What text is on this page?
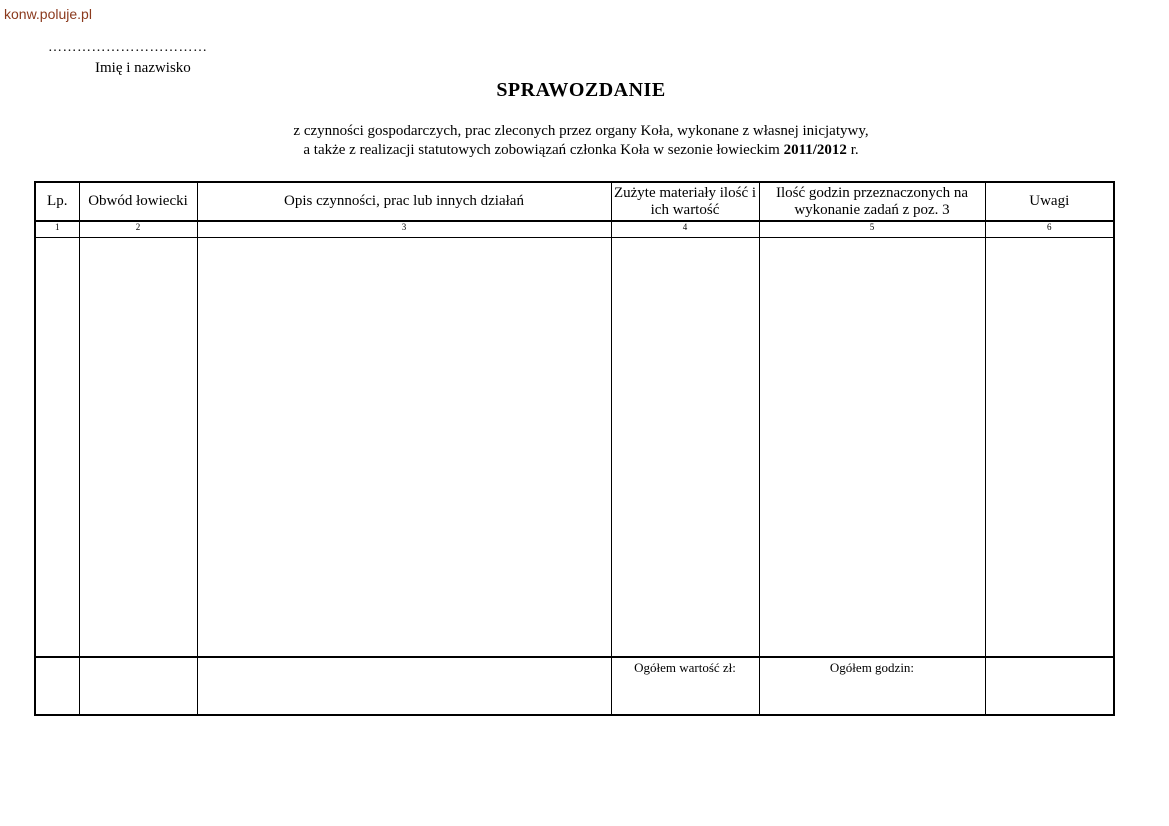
konw.poluje.pl
……………………………
Imię i nazwisko
SPRAWOZDANIE
z czynności gospodarczych, prac zleconych przez organy Koła, wykonane z własnej inicjatywy,
a także z realizacji statutowych zobowiązań członka Koła w sezonie łowieckim 2011/2012 r.
Lp.	Obwód łowiecki	Opis czynności, prac lub innych działań	Zużyte materiały ilość i ich wartość	Ilość godzin przeznaczonych na wykonanie zadań z poz. 3	Uwagi
1	2	3	4	5	6

			Ogółem wartość zł:	Ogółem godzin:	
